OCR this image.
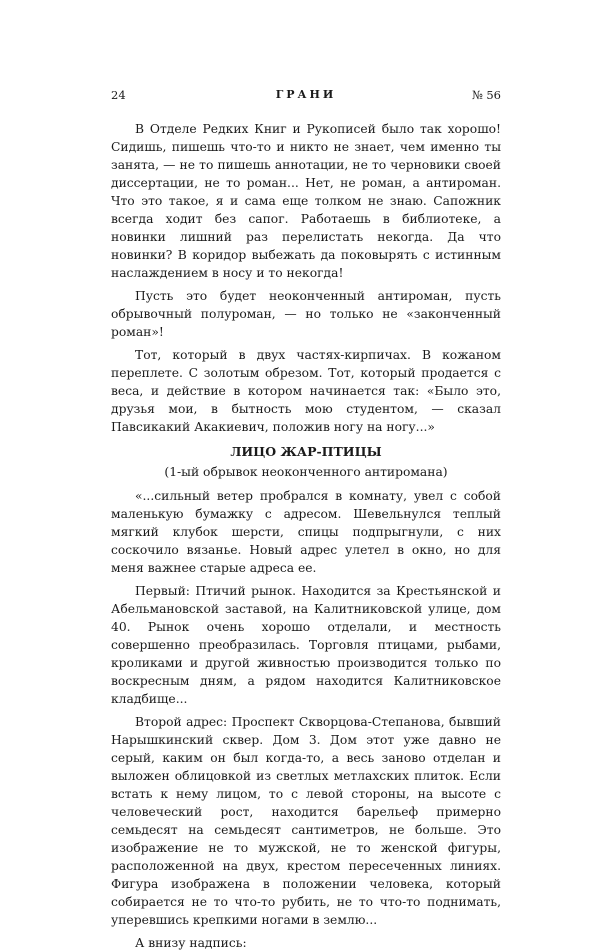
24	ГРАНИ	№ 56

В Отделе Редких Книг и Рукописей было так хорошо! Сидишь, пишешь что-то и никто не знает, чем именно ты занята, — не то пишешь аннотации, не то черновики своей диссертации, не то роман... Нет, не роман, а антироман. Что это такое, я и сама еще толком не знаю. Сапожник всегда ходит без сапог. Работаешь в библиотеке, а новинки лишний раз перелистать некогда. Да что новинки? В коридор выбежать да поковырять с истинным наслаждением в носу и то некогда!

Пусть это будет неоконченный антироман, пусть обрывочный полуроман, — но только не «законченный роман»!

Тот, который в двух частях-кирпичах. В кожаном переплете. С золотым обрезом. Тот, который продается с веса, и действие в котором начинается так: «Было это, друзья мои, в бытность мою студентом, — сказал Павсикакий Акакиевич, положив ногу на ногу...»

ЛИЦО ЖАР-ПТИЦЫ
(1-ый обрывок неоконченного антиромана)

«...сильный ветер пробрался в комнату, увел с собой маленькую бумажку с адресом. Шевельнулся теплый мягкий клубок шерсти, спицы подпрыгнули, с них соскочило вязанье. Новый адрес улетел в окно, но для меня важнее старые адреса ее.

Первый: Птичий рынок. Находится за Крестьянской и Абельмановской заставой, на Калитниковской улице, дом 40. Рынок очень хорошо отделали, и местность совершенно преобразилась. Торговля птицами, рыбами, кроликами и другой живностью производится только по воскресным дням, а рядом находится Калитниковское кладбище...

Второй адрес: Проспект Скворцова-Степанова, бывший Нарышкинский сквер. Дом 3. Дом этот уже давно не серый, каким он был когда-то, а весь заново отделан и выложен облицовкой из светлых метлахских плиток. Если встать к нему лицом, то с левой стороны, на высоте с человеческий рост, находится барельеф примерно семьдесят на семьдесят сантиметров, не больше. Это изображение не то мужской, не то женской фигуры, расположенной на двух, крестом пересеченных линиях. Фигура изображена в положении человека, который собирается не то что-то рубить, не то что-то поднимать, уперевшись крепкими ногами в землю...

А внизу надпись:
